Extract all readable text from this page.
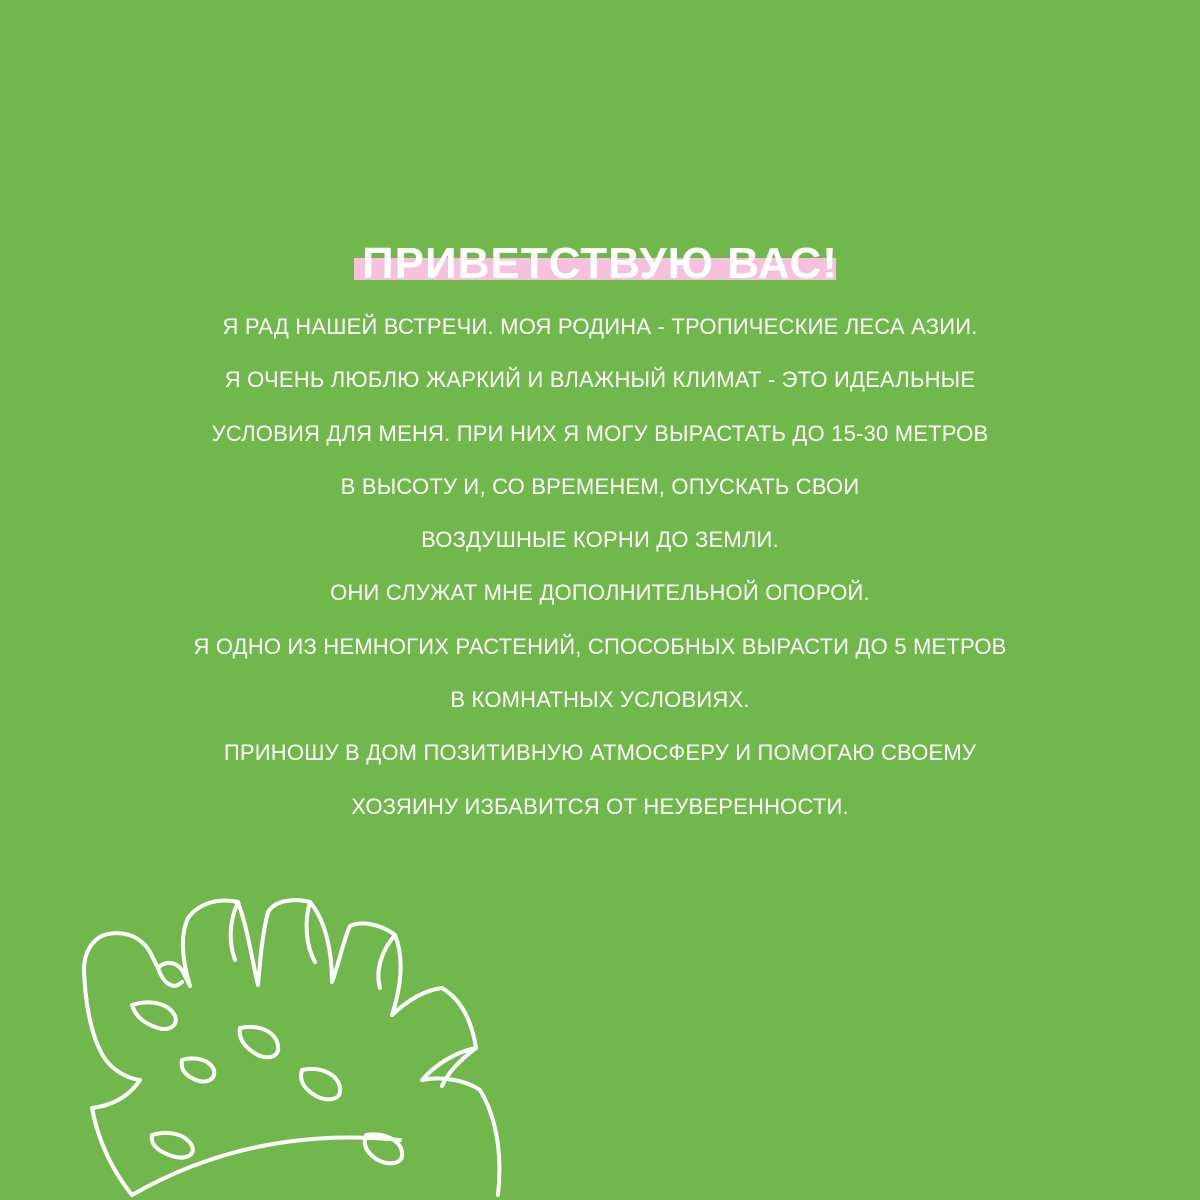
ПРИВЕТСТВУЮ ВАС!
Я РАД НАШЕЙ ВСТРЕЧИ. МОЯ РОДИНА - ТРОПИЧЕСКИЕ ЛЕСА АЗИИ.
Я ОЧЕНЬ ЛЮБЛЮ ЖАРКИЙ И ВЛАЖНЫЙ КЛИМАТ - ЭТО ИДЕАЛЬНЫЕ
УСЛОВИЯ ДЛЯ МЕНЯ. ПРИ НИХ Я МОГУ ВЫРАСТАТЬ ДО 15-30 МЕТРОВ
В ВЫСОТУ И, СО ВРЕМЕНЕМ, ОПУСКАТЬ СВОИ
ВОЗДУШНЫЕ КОРНИ ДО ЗЕМЛИ.
ОНИ СЛУЖАТ МНЕ ДОПОЛНИТЕЛЬНОЙ ОПОРОЙ.
Я ОДНО ИЗ НЕМНОГИХ РАСТЕНИЙ, СПОСОБНЫХ ВЫРАСТИ ДО 5 МЕТРОВ
В КОМНАТНЫХ УСЛОВИЯХ.
ПРИНОШУ В ДОМ ПОЗИТИВНУЮ АТМОСФЕРУ И ПОМОГАЮ СВОЕМУ
ХОЗЯИНУ ИЗБАВИТСЯ ОТ НЕУВЕРЕННОСТИ.
